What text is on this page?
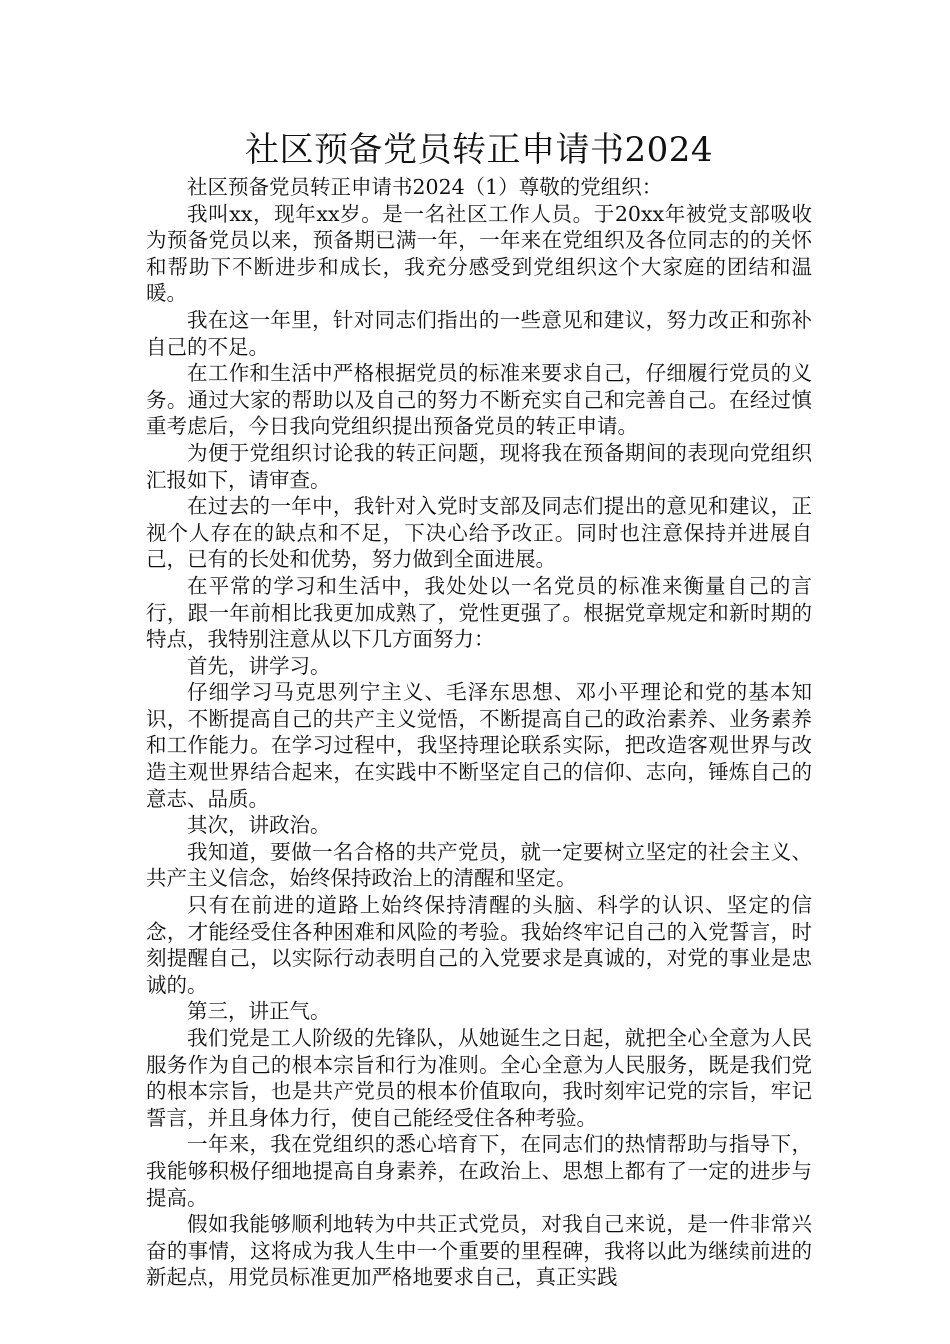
社区预备党员转正申请书2024

社区预备党员转正申请书2024（1）尊敬的党组织：

我叫xx，现年xx岁。是一名社区工作人员。于20xx年被党支部吸收为预备党员以来，预备期已满一年，一年来在党组织及各位同志的的关怀和帮助下不断进步和成长，我充分感受到党组织这个大家庭的团结和温暖。

我在这一年里，针对同志们指出的一些意见和建议，努力改正和弥补自己的不足。

在工作和生活中严格根据党员的标准来要求自己，仔细履行党员的义务。通过大家的帮助以及自己的努力不断充实自己和完善自己。在经过慎重考虑后，今日我向党组织提出预备党员的转正申请。

为便于党组织讨论我的转正问题，现将我在预备期间的表现向党组织汇报如下，请审查。

在过去的一年中，我针对入党时支部及同志们提出的意见和建议，正视个人存在的缺点和不足，下决心给予改正。同时也注意保持并进展自己，已有的长处和优势，努力做到全面进展。

在平常的学习和生活中，我处处以一名党员的标准来衡量自己的言行，跟一年前相比我更加成熟了，党性更强了。根据党章规定和新时期的特点，我特别注意从以下几方面努力：

首先，讲学习。

仔细学习马克思列宁主义、毛泽东思想、邓小平理论和党的基本知识，不断提高自己的共产主义觉悟，不断提高自己的政治素养、业务素养和工作能力。在学习过程中，我坚持理论联系实际，把改造客观世界与改造主观世界结合起来，在实践中不断坚定自己的信仰、志向，锤炼自己的意志、品质。

其次，讲政治。

我知道，要做一名合格的共产党员，就一定要树立坚定的社会主义、共产主义信念，始终保持政治上的清醒和坚定。

只有在前进的道路上始终保持清醒的头脑、科学的认识、坚定的信念，才能经受住各种困难和风险的考验。我始终牢记自己的入党誓言，时刻提醒自己，以实际行动表明自己的入党要求是真诚的，对党的事业是忠诚的。

第三，讲正气。

我们党是工人阶级的先锋队，从她诞生之日起，就把全心全意为人民服务作为自己的根本宗旨和行为准则。全心全意为人民服务，既是我们党的根本宗旨，也是共产党员的根本价值取向，我时刻牢记党的宗旨，牢记誓言，并且身体力行，使自己能经受住各种考验。

一年来，我在党组织的悉心培育下，在同志们的热情帮助与指导下，我能够积极仔细地提高自身素养，在政治上、思想上都有了一定的进步与提高。

假如我能够顺利地转为中共正式党员，对我自己来说，是一件非常兴奋的事情，这将成为我人生中一个重要的里程碑，我将以此为继续前进的新起点，用党员标准更加严格地要求自己，真正实践
